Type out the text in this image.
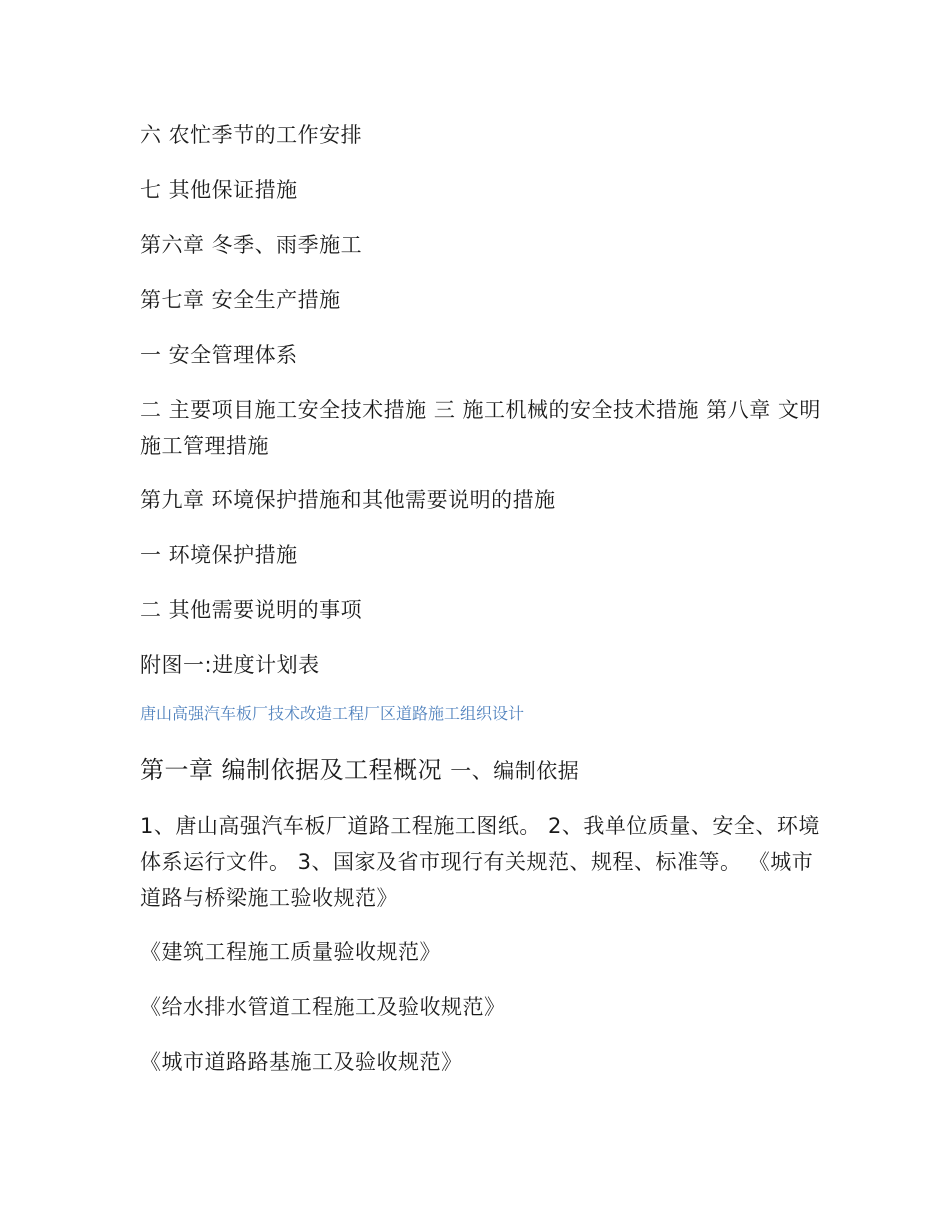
六 农忙季节的工作安排
七 其他保证措施
第六章 冬季、雨季施工
第七章 安全生产措施
一 安全管理体系
二 主要项目施工安全技术措施 三 施工机械的安全技术措施 第八章 文明施工管理措施
第九章 环境保护措施和其他需要说明的措施
一 环境保护措施
二 其他需要说明的事项
附图一:进度计划表
唐山高强汽车板厂技术改造工程厂区道路施工组织设计
第一章 编制依据及工程概况 一、编制依据
1、唐山高强汽车板厂道路工程施工图纸。 2、我单位质量、安全、环境体系运行文件。 3、国家及省市现行有关规范、规程、标准等。 《城市道路与桥梁施工验收规范》
《建筑工程施工质量验收规范》
《给水排水管道工程施工及验收规范》
《城市道路路基施工及验收规范》
